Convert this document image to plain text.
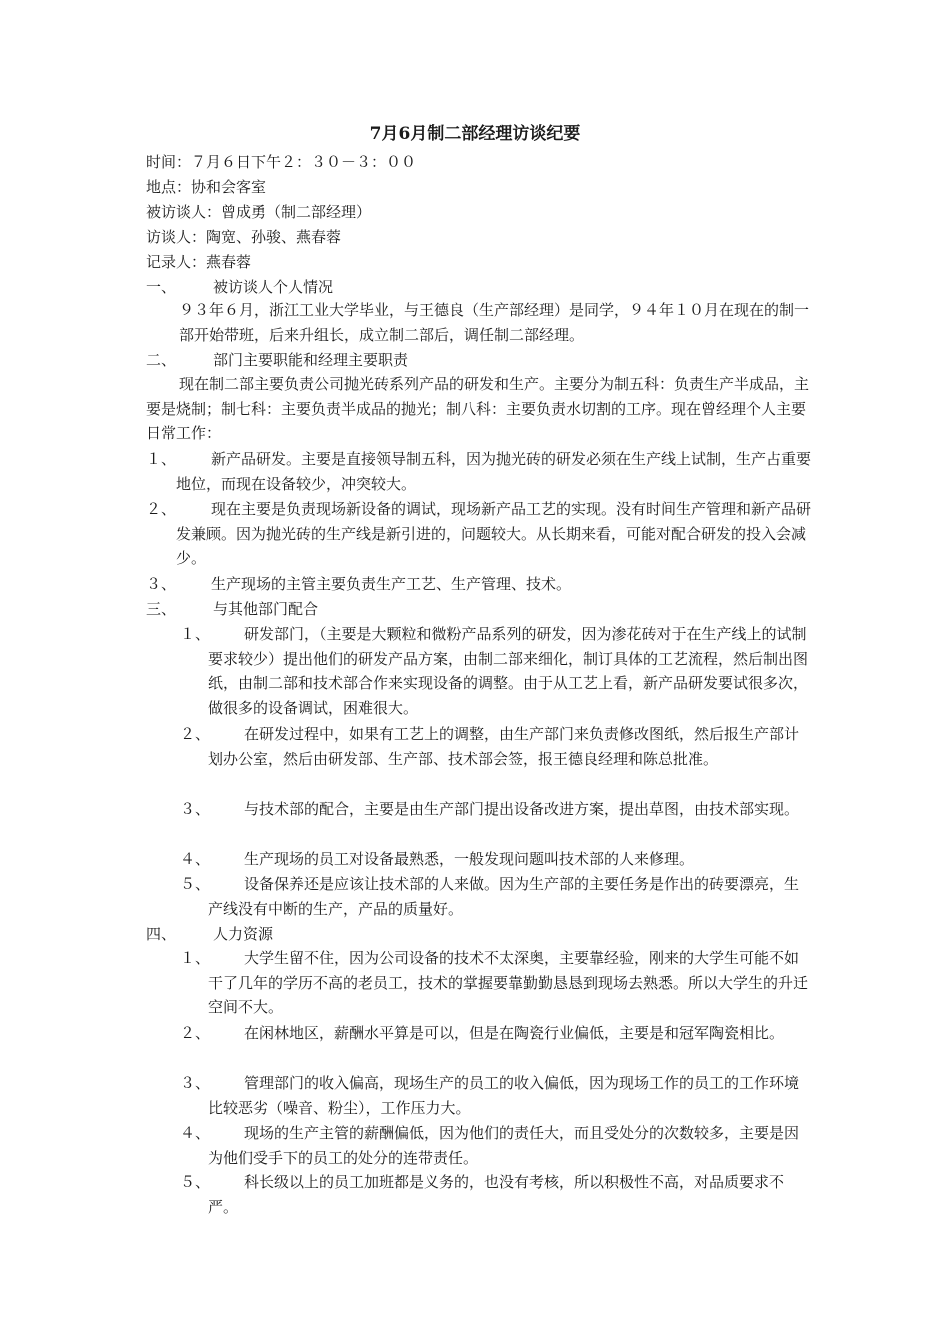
7月6月制二部经理访谈纪要
时间：７月６日下午２：３０－３：００
地点：协和会客室
被访谈人：曾成勇（制二部经理）
访谈人：陶宽、孙骏、燕春蓉
记录人：燕春蓉
一、 被访谈人个人情况
９３年６月，浙江工业大学毕业，与王德良（生产部经理）是同学，９４年１０月在现在的制一部开始带班，后来升组长，成立制二部后，调任制二部经理。
二、 部门主要职能和经理主要职责
现在制二部主要负责公司抛光砖系列产品的研发和生产。主要分为制五科：负责生产半成品，主要是烧制；制七科：主要负责半成品的抛光；制八科：主要负责水切割的工序。现在曾经理个人主要日常工作：
１、	新产品研发。主要是直接领导制五科，因为抛光砖的研发必须在生产线上试制，生产占重要地位，而现在设备较少，冲突较大。
２、	现在主要是负责现场新设备的调试，现场新产品工艺的实现。没有时间生产管理和新产品研发兼顾。因为抛光砖的生产线是新引进的，问题较大。从长期来看，可能对配合研发的投入会减少。
３、	生产现场的主管主要负责生产工艺、生产管理、技术。
三、 与其他部门配合
１、	研发部门，（主要是大颗粒和微粉产品系列的研发，因为渗花砖对于在生产线上的试制要求较少）提出他们的研发产品方案，由制二部来细化，制订具体的工艺流程，然后制出图纸，由制二部和技术部合作来实现设备的调整。由于从工艺上看，新产品研发要试很多次，做很多的设备调试，困难很大。
２、	在研发过程中，如果有工艺上的调整，由生产部门来负责修改图纸，然后报生产部计划办公室，然后由研发部、生产部、技术部会签，报王德良经理和陈总批准。
３、	与技术部的配合，主要是由生产部门提出设备改进方案，提出草图，由技术部实现。
４、	生产现场的员工对设备最熟悉，一般发现问题叫技术部的人来修理。
５、	设备保养还是应该让技术部的人来做。因为生产部的主要任务是作出的砖要漂亮，生产线没有中断的生产，产品的质量好。
四、 人力资源
１、	大学生留不住，因为公司设备的技术不太深奥，主要靠经验，刚来的大学生可能不如干了几年的学历不高的老员工，技术的掌握要靠勤勤恳恳到现场去熟悉。所以大学生的升迁空间不大。
２、	在闲林地区，薪酬水平算是可以，但是在陶瓷行业偏低，主要是和冠军陶瓷相比。
３、	管理部门的收入偏高，现场生产的员工的收入偏低，因为现场工作的员工的工作环境比较恶劣（噪音、粉尘），工作压力大。
４、	现场的生产主管的薪酬偏低，因为他们的责任大，而且受处分的次数较多，主要是因为他们受手下的员工的处分的连带责任。
５、	科长级以上的员工加班都是义务的，也没有考核，所以积极性不高，对品质要求不严。
